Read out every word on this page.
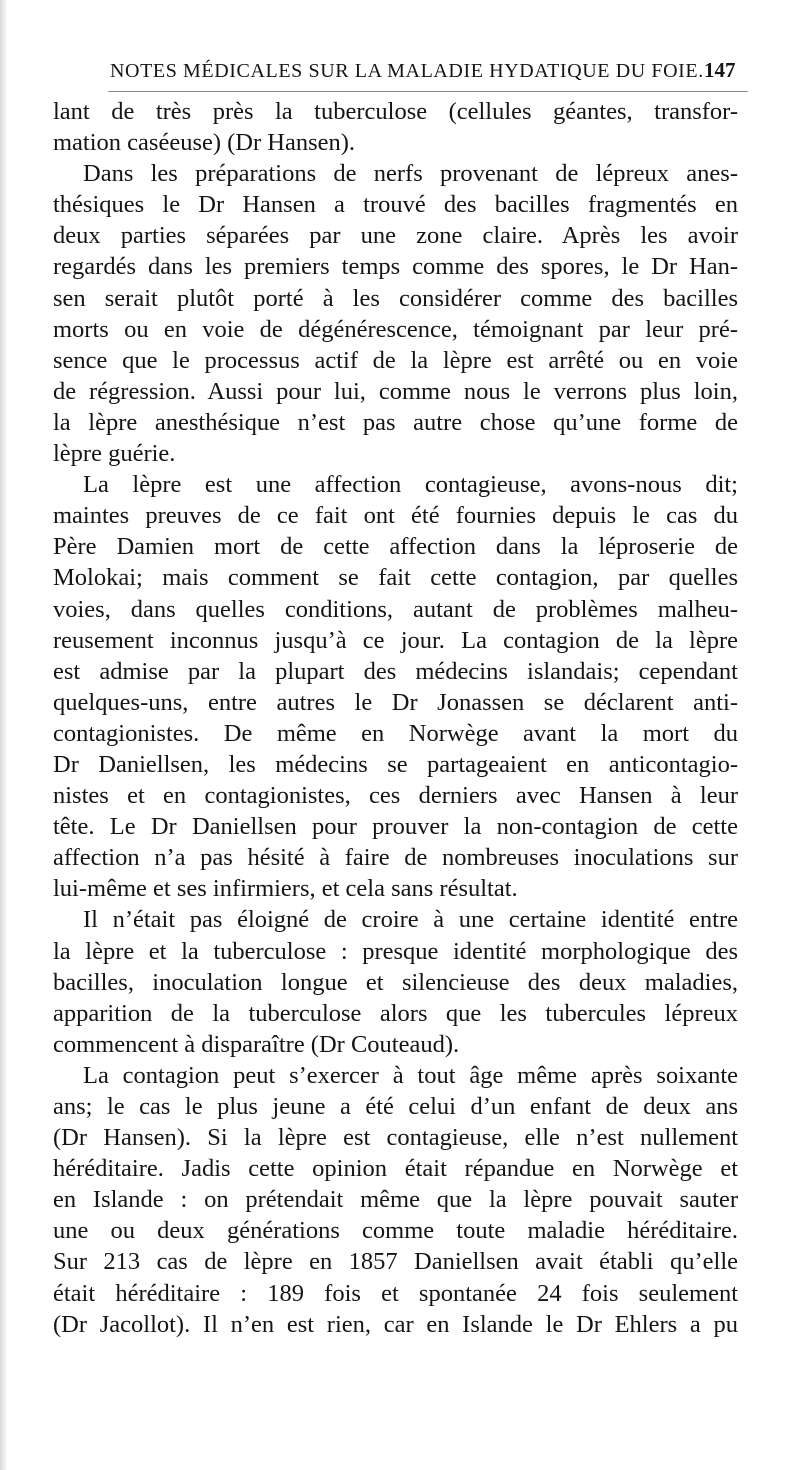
NOTES MÉDICALES SUR LA MALADIE HYDATIQUE DU FOIE. 147
lant de très près la tuberculose (cellules géantes, transfor-
mation caséeuse) (Dr Hansen).
Dans les préparations de nerfs provenant de lépreux anes-
thésiques le Dr Hansen a trouvé des bacilles fragmentés en
deux parties séparées par une zone claire. Après les avoir
regardés dans les premiers temps comme des spores, le Dr Han-
sen serait plutôt porté à les considérer comme des bacilles
morts ou en voie de dégénérescence, témoignant par leur pré-
sence que le processus actif de la lèpre est arrêté ou en voie
de régression. Aussi pour lui, comme nous le verrons plus loin,
la lèpre anesthésique n’est pas autre chose qu’une forme de
lèpre guérie.
La lèpre est une affection contagieuse, avons-nous dit;
maintes preuves de ce fait ont été fournies depuis le cas du
Père Damien mort de cette affection dans la léproserie de
Molokai; mais comment se fait cette contagion, par quelles
voies, dans quelles conditions, autant de problèmes malheu-
reusement inconnus jusqu’à ce jour. La contagion de la lèpre
est admise par la plupart des médecins islandais; cependant
quelques-uns, entre autres le Dr Jonassen se déclarent anti-
contagionistes. De même en Norwège avant la mort du
Dr Daniellsen, les médecins se partageaient en anticontagio-
nistes et en contagionistes, ces derniers avec Hansen à leur
tête. Le Dr Daniellsen pour prouver la non-contagion de cette
affection n’a pas hésité à faire de nombreuses inoculations sur
lui-même et ses infirmiers, et cela sans résultat.
Il n’était pas éloigné de croire à une certaine identité entre
la lèpre et la tuberculose : presque identité morphologique des
bacilles, inoculation longue et silencieuse des deux maladies,
apparition de la tuberculose alors que les tubercules lépreux
commencent à disparaître (Dr Couteaud).
La contagion peut s’exercer à tout âge même après soixante
ans; le cas le plus jeune a été celui d’un enfant de deux ans
(Dr Hansen). Si la lèpre est contagieuse, elle n’est nullement
héréditaire. Jadis cette opinion était répandue en Norwège et
en Islande : on prétendait même que la lèpre pouvait sauter
une ou deux générations comme toute maladie héréditaire.
Sur 213 cas de lèpre en 1857 Daniellsen avait établi qu’elle
était héréditaire : 189 fois et spontanée 24 fois seulement
(Dr Jacollot). Il n’en est rien, car en Islande le Dr Ehlers a pu
